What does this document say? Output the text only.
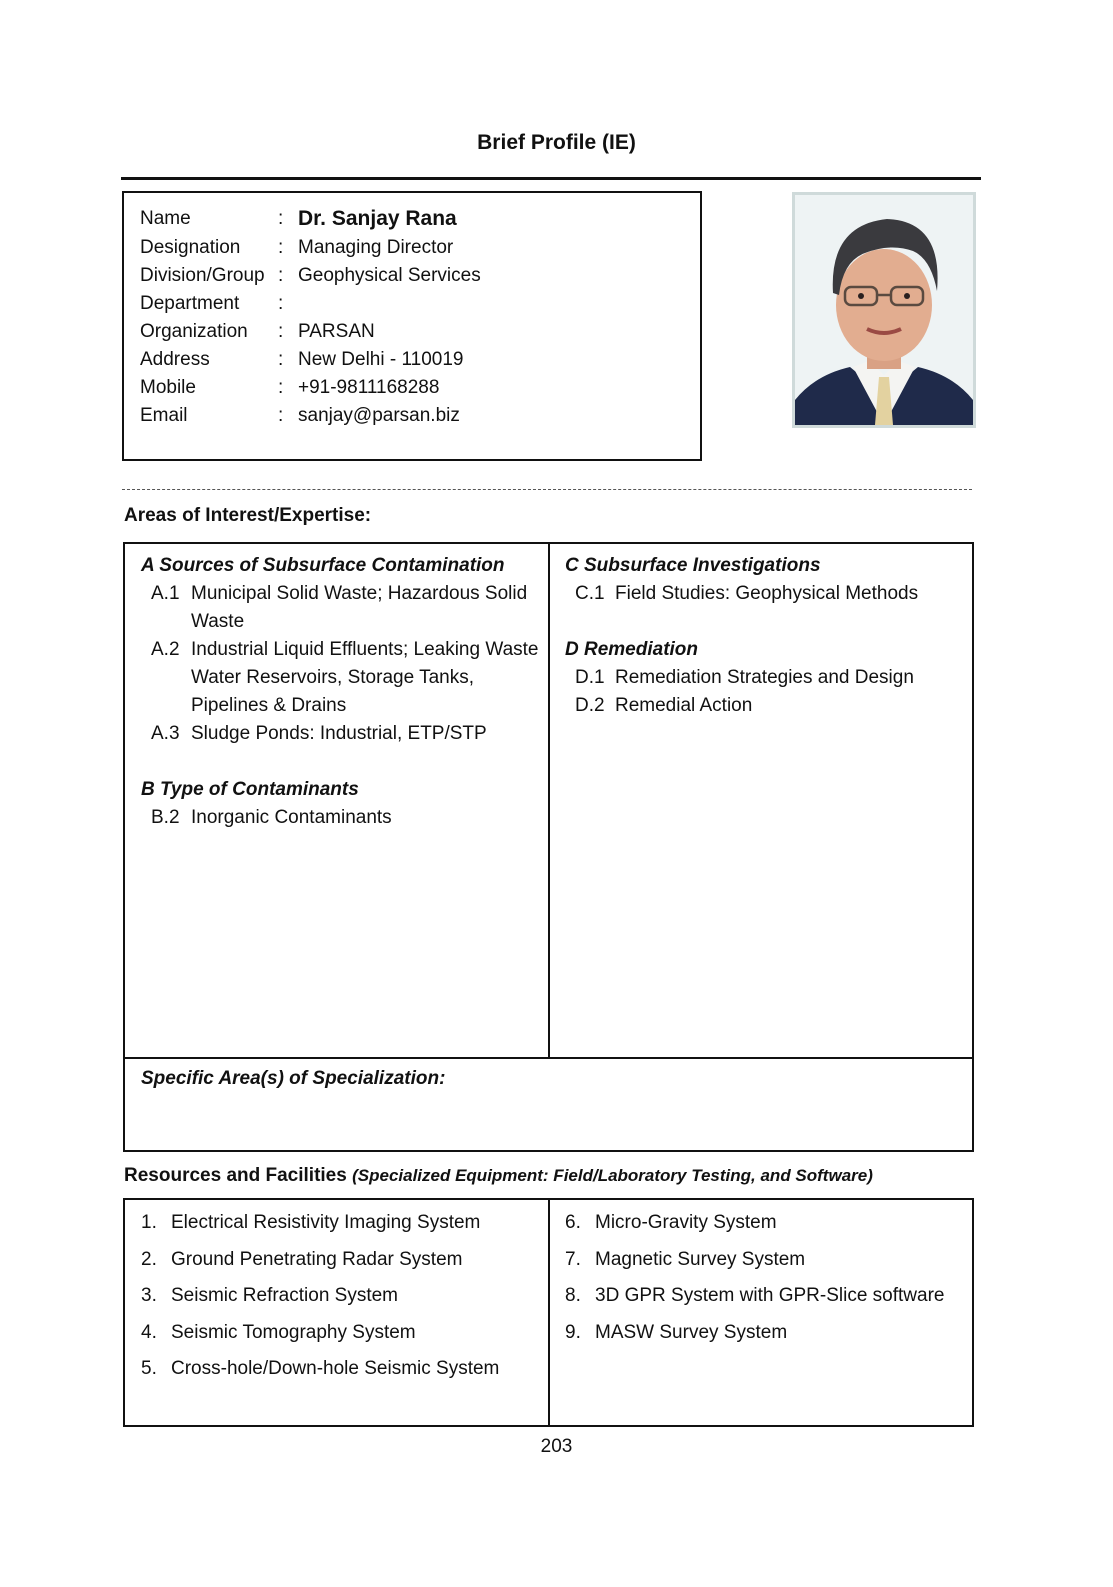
Brief Profile (IE)
Name	: Dr. Sanjay Rana
Designation	: Managing Director
Division/Group : Geophysical Services
Department	:
Organization	: PARSAN
Address	: New Delhi - 110019
Mobile	: +91-9811168288
Email	: sanjay@parsan.biz
Areas of Interest/Expertise:
A Sources of Subsurface Contamination
A.1 Municipal Solid Waste; Hazardous Solid Waste
A.2 Industrial Liquid Effluents; Leaking Waste Water Reservoirs, Storage Tanks, Pipelines & Drains
A.3 Sludge Ponds: Industrial, ETP/STP
B Type of Contaminants
B.2 Inorganic Contaminants
C Subsurface Investigations
C.1 Field Studies: Geophysical Methods
D Remediation
D.1 Remediation Strategies and Design
D.2 Remedial Action
Specific Area(s) of Specialization:
Resources and Facilities (Specialized Equipment: Field/Laboratory Testing, and Software)
1. Electrical Resistivity Imaging System
2. Ground Penetrating Radar System
3. Seismic Refraction System
4. Seismic Tomography System
5. Cross-hole/Down-hole Seismic System
6. Micro-Gravity System
7. Magnetic Survey System
8. 3D GPR System with GPR-Slice software
9. MASW Survey System
203
